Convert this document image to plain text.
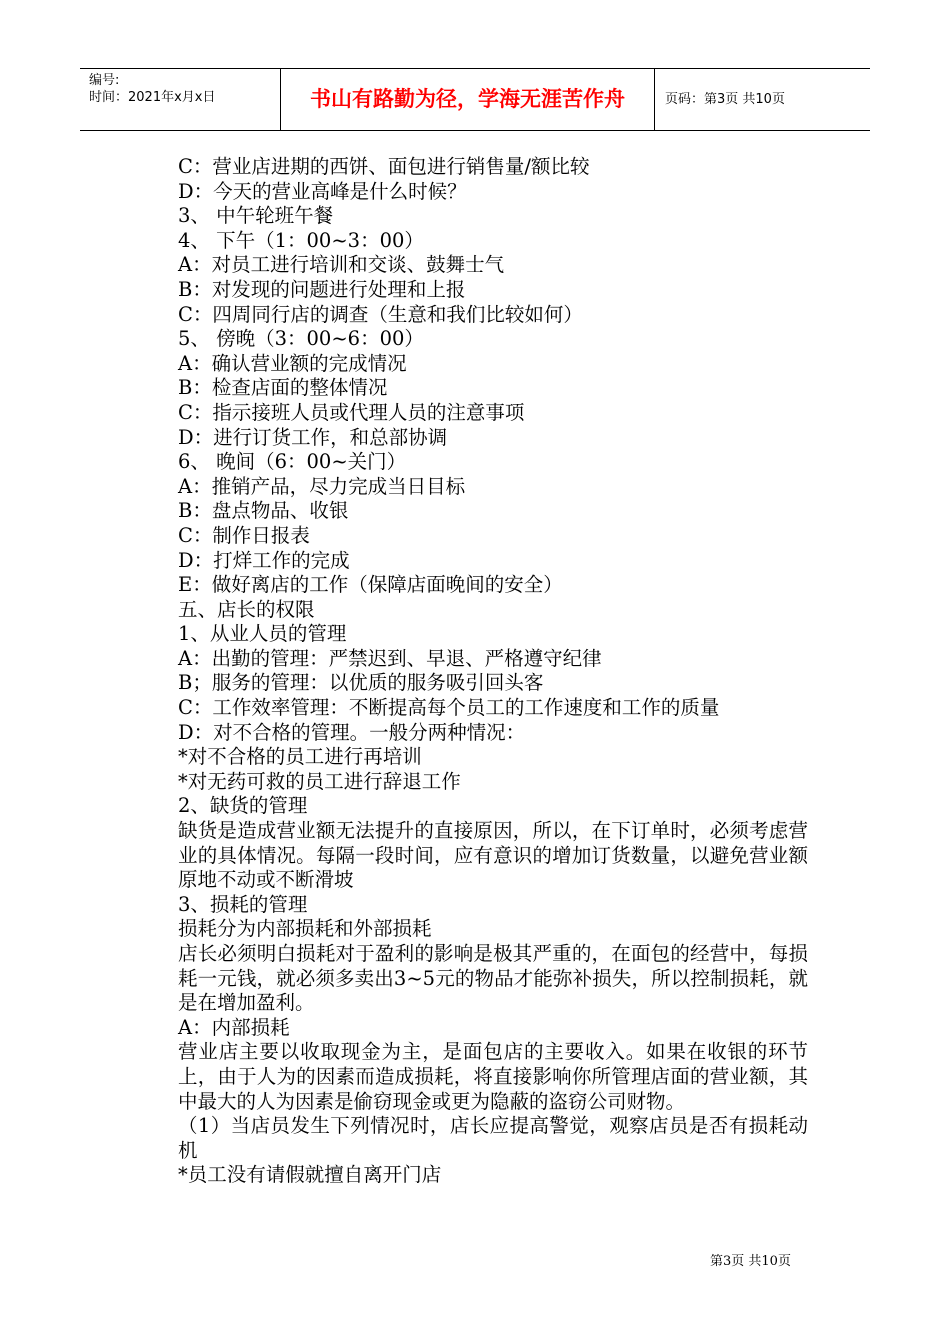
编号:
时间：2021年x月x日	书山有路勤为径，学海无涯苦作舟	页码：第3页 共10页
C：营业店进期的西饼、面包进行销售量/额比较
D：今天的营业高峰是什么时候？
3、 中午轮班午餐
4、 下午（1：00~3：00）
A：对员工进行培训和交谈、鼓舞士气
B：对发现的问题进行处理和上报
C：四周同行店的调查（生意和我们比较如何）
5、 傍晚（3：00~6：00）
A：确认营业额的完成情况
B：检查店面的整体情况
C：指示接班人员或代理人员的注意事项
D：进行订货工作，和总部协调
6、 晚间（6：00~关门）
A：推销产品，尽力完成当日目标
B：盘点物品、收银
C：制作日报表
D：打烊工作的完成
E：做好离店的工作（保障店面晚间的安全）
五、店长的权限
1、从业人员的管理
A：出勤的管理：严禁迟到、早退、严格遵守纪律
B；服务的管理：以优质的服务吸引回头客
C：工作效率管理：不断提高每个员工的工作速度和工作的质量
D：对不合格的管理。一般分两种情况：
*对不合格的员工进行再培训
*对无药可救的员工进行辞退工作
2、缺货的管理
缺货是造成营业额无法提升的直接原因，所以，在下订单时，必须考虑营业的具体情况。每隔一段时间，应有意识的增加订货数量，以避免营业额原地不动或不断滑坡
3、损耗的管理
损耗分为内部损耗和外部损耗
店长必须明白损耗对于盈利的影响是极其严重的，在面包的经营中，每损耗一元钱，就必须多卖出3~5元的物品才能弥补损失，所以控制损耗，就是在增加盈利。
A：内部损耗
营业店主要以收取现金为主，是面包店的主要收入。如果在收银的环节上，由于人为的因素而造成损耗，将直接影响你所管理店面的营业额，其中最大的人为因素是偷窃现金或更为隐蔽的盗窃公司财物。
（1）当店员发生下列情况时，店长应提高警觉，观察店员是否有损耗动机
*员工没有请假就擅自离开门店
第3页 共10页
